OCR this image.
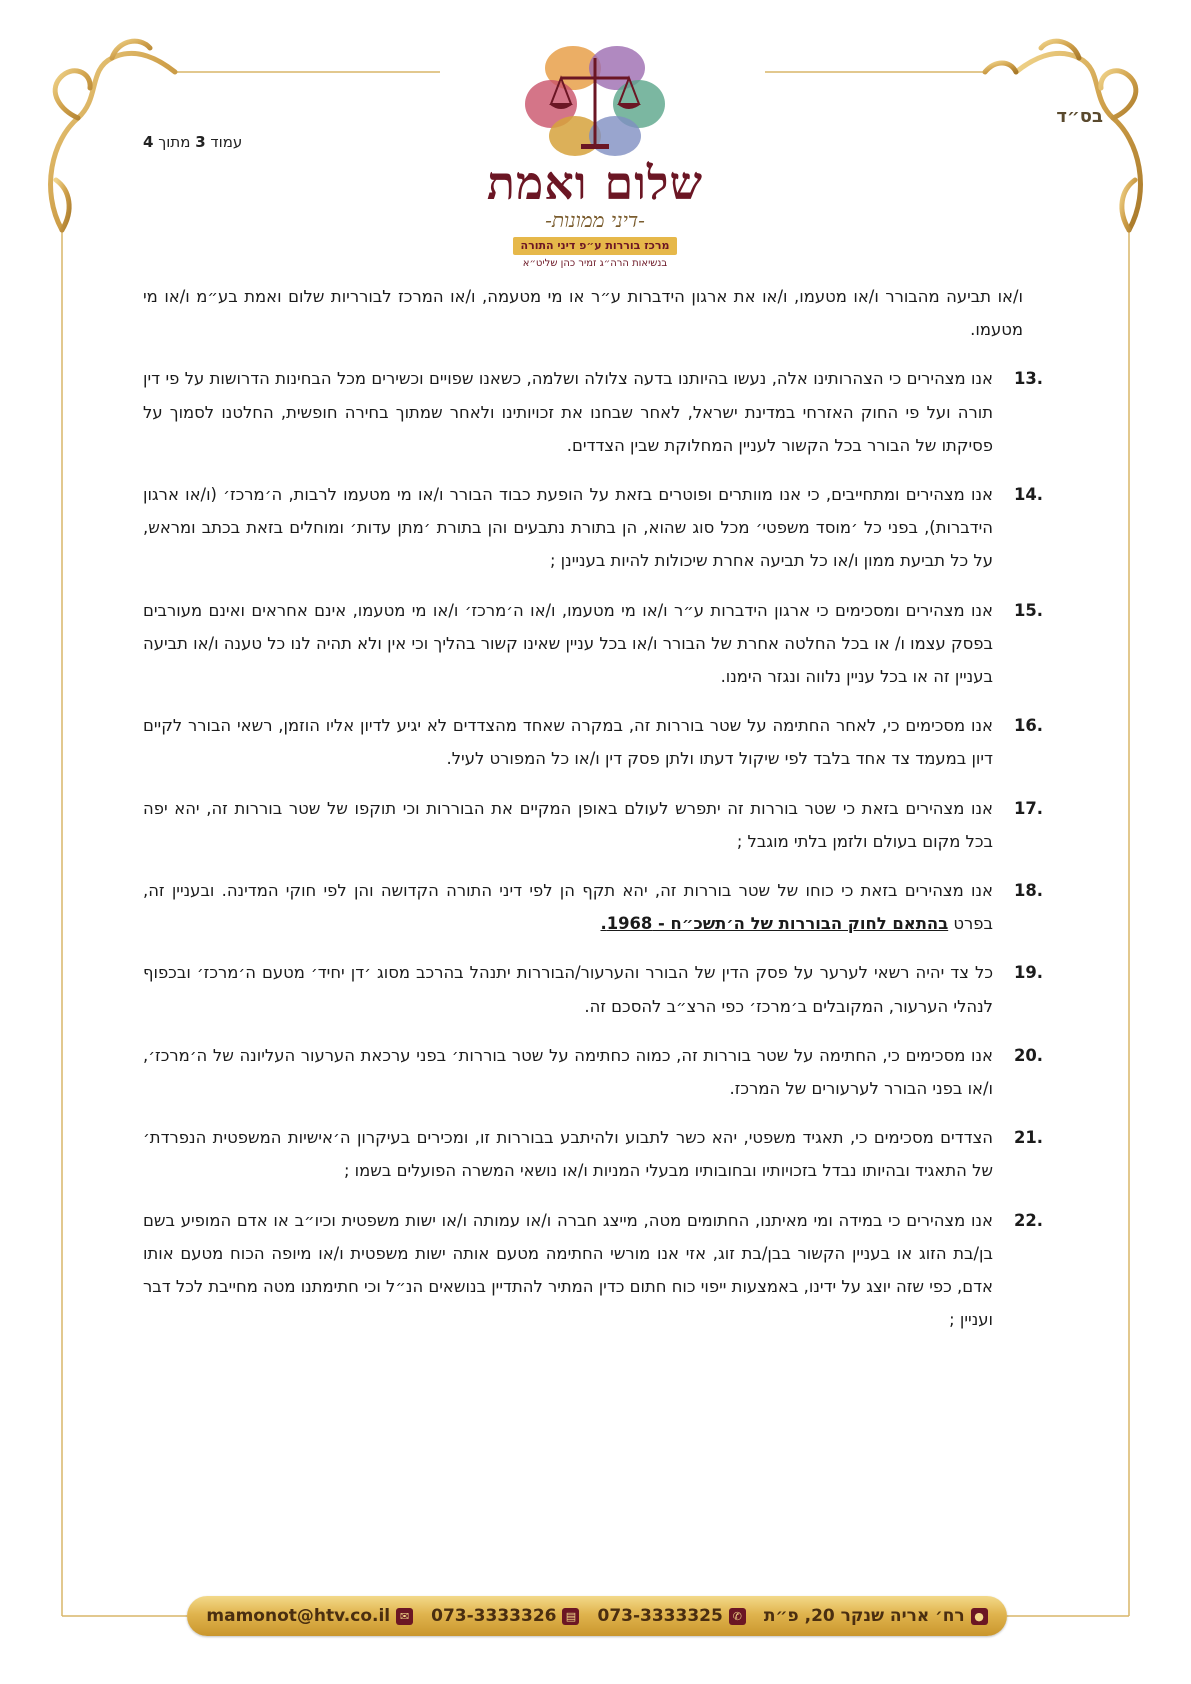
בס״ד
עמוד 3 מתוך 4
שלום ואמת
-דיני ממונות-
מרכז בוררות ע״פ דיני התורה
בנשיאות הרה״ג זמיר כהן שליט״א
ו/או תביעה מהבורר ו/או מטעמו, ו/או את ארגון הידברות ע״ר או מי מטעמה, ו/או המרכז לבורריות שלום ואמת בע״מ ו/או מי מטעמו.
13.
אנו מצהירים כי הצהרותינו אלה, נעשו בהיותנו בדעה צלולה ושלמה, כשאנו שפויים וכשירים מכל הבחינות הדרושות על פי דין תורה ועל פי החוק האזרחי במדינת ישראל, לאחר שבחנו את זכויותינו ולאחר שמתוך בחירה חופשית, החלטנו לסמוך על פסיקתו של הבורר בכל הקשור לעניין המחלוקת שבין הצדדים.
14.
אנו מצהירים ומתחייבים, כי אנו מוותרים ופוטרים בזאת על הופעת כבוד הבורר ו/או מי מטעמו לרבות, ה׳מרכז׳ (ו/או ארגון הידברות), בפני כל ׳מוסד משפטי׳ מכל סוג שהוא, הן בתורת נתבעים והן בתורת ׳מתן עדות׳ ומוחלים בזאת בכתב ומראש, על כל תביעת ממון ו/או כל תביעה אחרת שיכולות להיות בעניינן ;
15.
אנו מצהירים ומסכימים כי ארגון הידברות ע״ר ו/או מי מטעמו, ו/או ה׳מרכז׳ ו/או מי מטעמו, אינם אחראים ואינם מעורבים בפסק עצמו ו/ או בכל החלטה אחרת של הבורר ו/או בכל עניין שאינו קשור בהליך וכי אין ולא תהיה לנו כל טענה ו/או תביעה בעניין זה או בכל עניין נלווה ונגזר הימנו.
16.
אנו מסכימים כי, לאחר החתימה על שטר בוררות זה, במקרה שאחד מהצדדים לא יגיע לדיון אליו הוזמן, רשאי הבורר לקיים דיון במעמד צד אחד בלבד לפי שיקול דעתו ולתן פסק דין ו/או כל המפורט לעיל.
17.
אנו מצהירים בזאת כי שטר בוררות זה יתפרש לעולם באופן המקיים את הבוררות וכי תוקפו של שטר בוררות זה, יהא יפה בכל מקום בעולם ולזמן בלתי מוגבל ;
18.
אנו מצהירים בזאת כי כוחו של שטר בוררות זה, יהא תקף הן לפי דיני התורה הקדושה והן לפי חוקי המדינה. ובעניין זה, בפרט בהתאם לחוק הבוררות של ה׳תשכ״ח - 1968.
19.
כל צד יהיה רשאי לערער על פסק הדין של הבורר והערעור/הבוררות יתנהל בהרכב מסוג ׳דן יחיד׳ מטעם ה׳מרכז׳ ובכפוף לנהלי הערעור, המקובלים ב׳מרכז׳ כפי הרצ״ב להסכם זה.
20.
אנו מסכימים כי, החתימה על שטר בוררות זה, כמוה כחתימה על שטר בוררות׳ בפני ערכאת הערעור העליונה של ה׳מרכז׳, ו/או בפני הבורר לערעורים של המרכז.
21.
הצדדים מסכימים כי, תאגיד משפטי, יהא כשר לתבוע ולהיתבע בבוררות זו, ומכירים בעיקרון ה׳אישיות המשפטית הנפרדת׳ של התאגיד ובהיותו נבדל בזכויותיו ובחובותיו מבעלי המניות ו/או נושאי המשרה הפועלים בשמו ;
22.
אנו מצהירים כי במידה ומי מאיתנו, החתומים מטה, מייצג חברה ו/או עמותה ו/או ישות משפטית וכיו״ב או אדם המופיע בשם בן/בת הזוג או בעניין הקשור בבן/בת זוג, אזי אנו מורשי החתימה מטעם אותה ישות משפטית ו/או מיופה הכוח מטעם אותו אדם, כפי שזה יוצג על ידינו, באמצעות ייפוי כוח חתום כדין המתיר להתדיין בנושאים הנ״ל וכי חתימתנו מטה מחייבת לכל דבר ועניין ;
mamonot@htv.co.il ✉ 073-3333326 ▤ 073-3333325 ✆ רח׳ אריה שנקר 20, פ״ת ●
